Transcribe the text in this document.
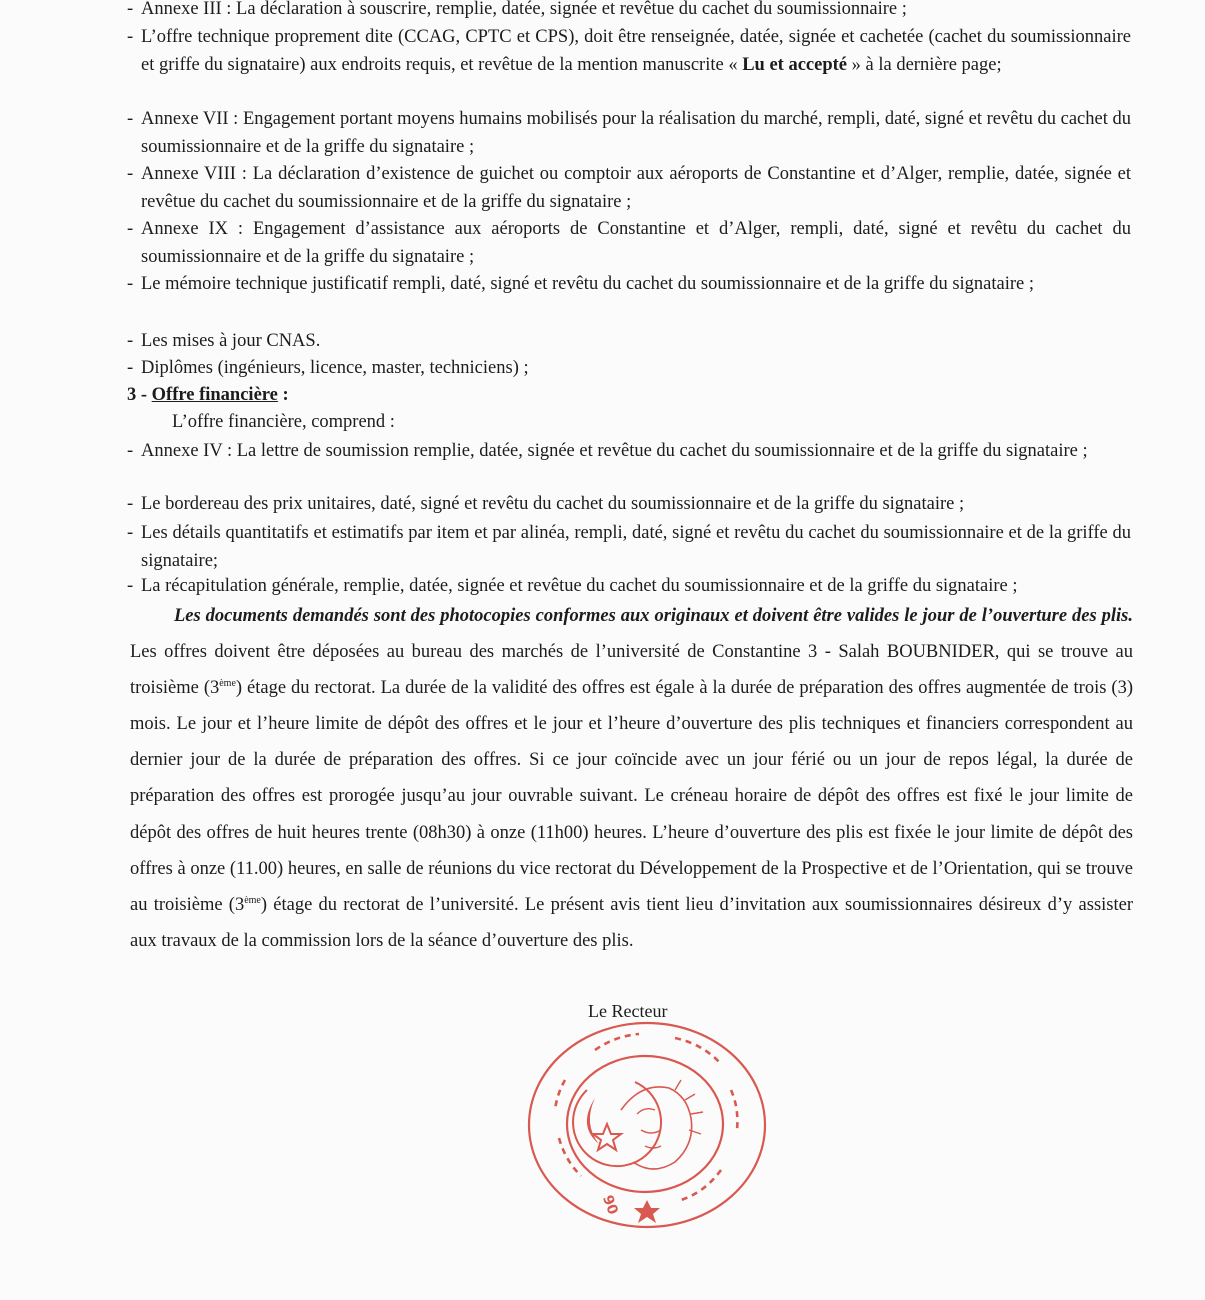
- Annexe III : La déclaration à souscrire, remplie, datée, signée et revêtue du cachet du soumissionnaire ;
- L’offre technique proprement dite (CCAG, CPTC et CPS), doit être renseignée, datée, signée et cachetée (cachet du soumissionnaire et griffe du signataire) aux endroits requis, et revêtue de la mention manuscrite « Lu et accepté » à la dernière page;
- Annexe VII : Engagement portant moyens humains mobilisés pour la réalisation du marché, rempli, daté, signé et revêtu du cachet du soumissionnaire et de la griffe du signataire ;
- Annexe VIII : La déclaration d’existence de guichet ou comptoir aux aéroports de Constantine et d’Alger, remplie, datée, signée et revêtue du cachet du soumissionnaire et de la griffe du signataire ;
- Annexe IX : Engagement d’assistance aux aéroports de Constantine et d’Alger, rempli, daté, signé et revêtu du cachet du soumissionnaire et de la griffe du signataire ;
- Le mémoire technique justificatif rempli, daté, signé et revêtu du cachet du soumissionnaire et de la griffe du signataire ;
- Les mises à jour CNAS.
- Diplômes (ingénieurs, licence, master, techniciens) ;
3 - Offre financière :
L’offre financière, comprend :
- Annexe IV : La lettre de soumission remplie, datée, signée et revêtue du cachet du soumissionnaire et de la griffe du signataire ;
- Le bordereau des prix unitaires, daté, signé et revêtu du cachet du soumissionnaire et de la griffe du signataire ;
- Les détails quantitatifs et estimatifs par item et par alinéa, rempli, daté, signé et revêtu du cachet du soumissionnaire et de la griffe du signataire;
- La récapitulation générale, remplie, datée, signée et revêtue du cachet du soumissionnaire et de la griffe du signataire ;
Les documents demandés sont des photocopies conformes aux originaux et doivent être valides le jour de l’ouverture des plis. Les offres doivent être déposées au bureau des marchés de l’université de Constantine 3 - Salah BOUBNIDER, qui se trouve au troisième (3ème) étage du rectorat. La durée de la validité des offres est égale à la durée de préparation des offres augmentée de trois (3) mois. Le jour et l’heure limite de dépôt des offres et le jour et l’heure d’ouverture des plis techniques et financiers correspondent au dernier jour de la durée de préparation des offres. Si ce jour coïncide avec un jour férié ou un jour de repos légal, la durée de préparation des offres est prorogée jusqu’au jour ouvrable suivant. Le créneau horaire de dépôt des offres est fixé le jour limite de dépôt des offres de huit heures trente (08h30) à onze (11h00) heures. L’heure d’ouverture des plis est fixée le jour limite de dépôt des offres à onze (11.00) heures, en salle de réunions du vice rectorat du Développement de la Prospective et de l’Orientation, qui se trouve au troisième (3ème) étage du rectorat de l’université. Le présent avis tient lieu d’invitation aux soumissionnaires désireux d’y assister aux travaux de la commission lors de la séance d’ouverture des plis.
Le Recteur
06
